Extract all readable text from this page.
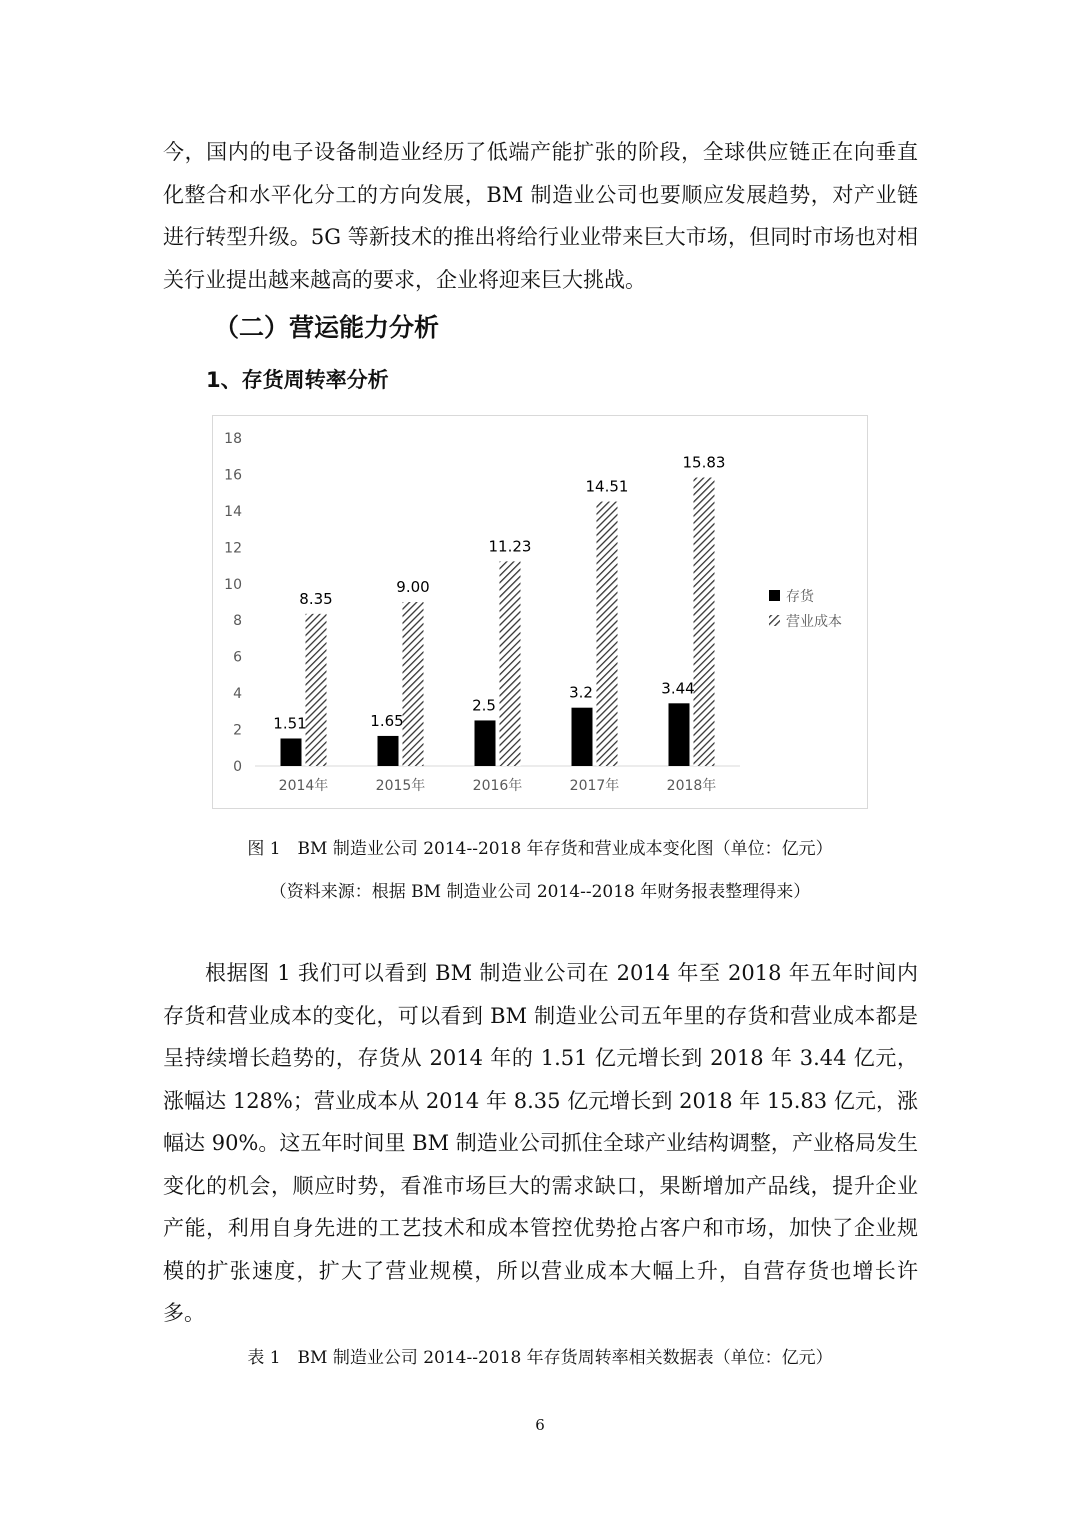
今，国内的电子设备制造业经历了低端产能扩张的阶段，全球供应链正在向垂直化整合和水平化分工的方向发展，BM 制造业公司也要顺应发展趋势，对产业链进行转型升级。5G 等新技术的推出将给行业业带来巨大市场，但同时市场也对相关行业提出越来越高的要求，企业将迎来巨大挑战。

（二）营运能力分析

1、存货周转率分析

0
2
4
6
8
10
12
14
16
18
1.51
8.35
1.65
9.00
2.5
11.23
3.2
14.51
3.44
15.83
2014年	2015年	2016年	2017年	2018年
存货
营业成本

图 1　BM 制造业公司 2014--2018 年存货和营业成本变化图（单位：亿元）

（资料来源：根据 BM 制造业公司 2014--2018 年财务报表整理得来）

根据图 1 我们可以看到 BM 制造业公司在 2014 年至 2018 年五年时间内存货和营业成本的变化，可以看到 BM 制造业公司五年里的存货和营业成本都是呈持续增长趋势的，存货从 2014 年的 1.51 亿元增长到 2018 年 3.44 亿元，涨幅达 128%；营业成本从 2014 年 8.35 亿元增长到 2018 年 15.83 亿元，涨幅达 90%。这五年时间里 BM 制造业公司抓住全球产业结构调整，产业格局发生变化的机会，顺应时势，看准市场巨大的需求缺口，果断增加产品线，提升企业产能，利用自身先进的工艺技术和成本管控优势抢占客户和市场，加快了企业规模的扩张速度，扩大了营业规模，所以营业成本大幅上升，自营存货也增长许多。

表 1　BM 制造业公司 2014--2018 年存货周转率相关数据表（单位：亿元）

6
